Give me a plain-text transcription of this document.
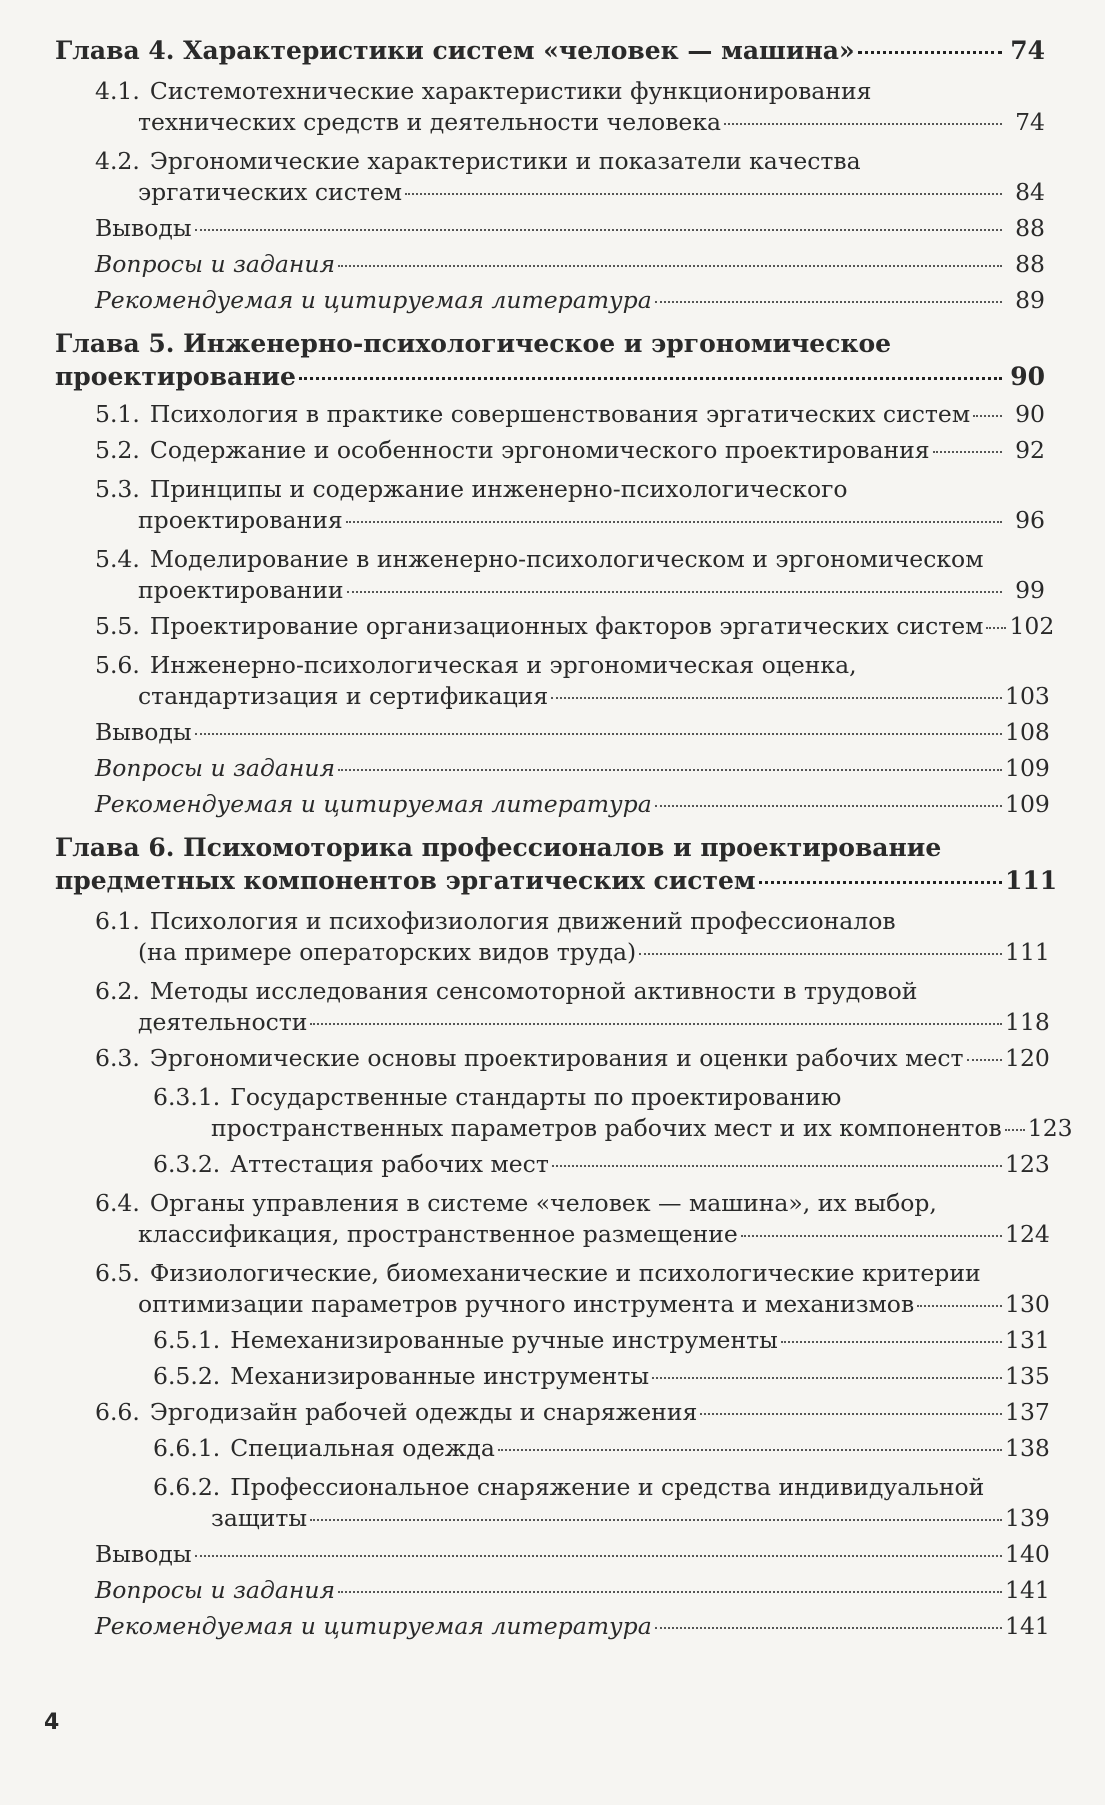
Глава 4. Характеристики систем «человек — машина»	74
4.1. Системотехнические характеристики функционирования
технических средств и деятельности человека	74
4.2. Эргономические характеристики и показатели качества
эргатических систем	84
Выводы	88
Вопросы и задания	88
Рекомендуемая и цитируемая литература	89
Глава 5. Инженерно-психологическое и эргономическое
проектирование	90
5.1. Психология в практике совершенствования эргатических систем	90
5.2. Содержание и особенности эргономического проектирования	92
5.3. Принципы и содержание инженерно-психологического
проектирования	96
5.4. Моделирование в инженерно-психологическом и эргономическом
проектировании	99
5.5. Проектирование организационных факторов эргатических систем 102
5.6. Инженерно-психологическая и эргономическая оценка,
стандартизация и сертификация	103
Выводы	108
Вопросы и задания	109
Рекомендуемая и цитируемая литература	109
Глава 6. Психомоторика профессионалов и проектирование
предметных компонентов эргатических систем	111
6.1. Психология и психофизиология движений профессионалов
(на примере операторских видов труда)	111
6.2. Методы исследования сенсомоторной активности в трудовой
деятельности	118
6.3. Эргономические основы проектирования и оценки рабочих мест 120
6.3.1. Государственные стандарты по проектированию
пространственных параметров рабочих мест и их компонентов 123
6.3.2. Аттестация рабочих мест	123
6.4. Органы управления в системе «человек — машина», их выбор,
классификация, пространственное размещение	124
6.5. Физиологические, биомеханические и психологические критерии
оптимизации параметров ручного инструмента и механизмов	130
6.5.1. Немеханизированные ручные инструменты	131
6.5.2. Механизированные инструменты	135
6.6. Эргодизайн рабочей одежды и снаряжения	137
6.6.1. Специальная одежда	138
6.6.2. Профессиональное снаряжение и средства индивидуальной
защиты	139
Выводы	140
Вопросы и задания	141
Рекомендуемая и цитируемая литература	141
4
